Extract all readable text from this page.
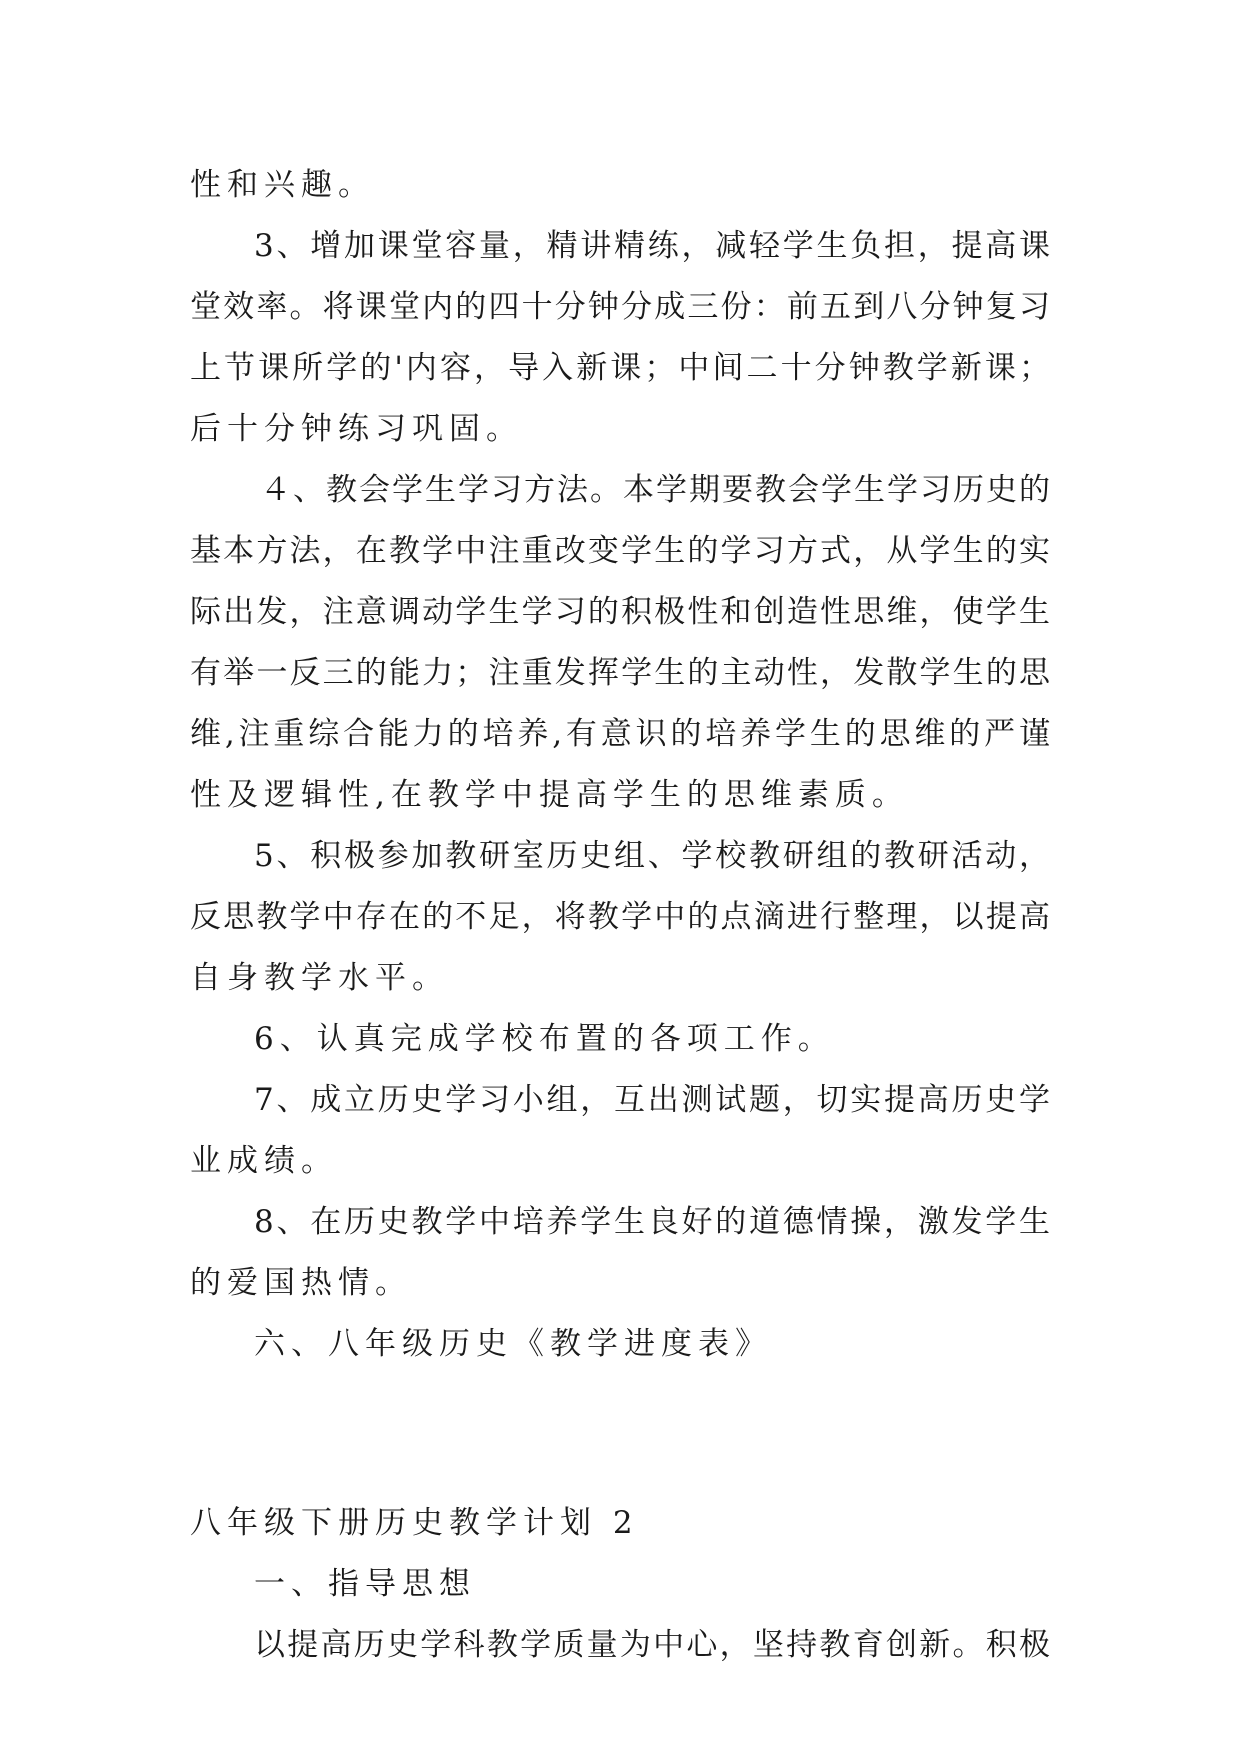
性和兴趣。
3、增加课堂容量，精讲精练，减轻学生负担，提高课
堂效率。将课堂内的四十分钟分成三份：前五到八分钟复习
上节课所学的'内容，导入新课；中间二十分钟教学新课；
后十分钟练习巩固。
４、教会学生学习方法。本学期要教会学生学习历史的
基本方法，在教学中注重改变学生的学习方式，从学生的实
际出发，注意调动学生学习的积极性和创造性思维，使学生
有举一反三的能力；注重发挥学生的主动性，发散学生的思
维,注重综合能力的培养,有意识的培养学生的思维的严谨
性及逻辑性,在教学中提高学生的思维素质。
5、积极参加教研室历史组、学校教研组的教研活动，
反思教学中存在的不足，将教学中的点滴进行整理，以提高
自身教学水平。
6、认真完成学校布置的各项工作。
7、成立历史学习小组，互出测试题，切实提高历史学
业成绩。
8、在历史教学中培养学生良好的道德情操，激发学生
的爱国热情。
六、八年级历史《教学进度表》
八年级下册历史教学计划 2
一、指导思想
以提高历史学科教学质量为中心，坚持教育创新。积极
